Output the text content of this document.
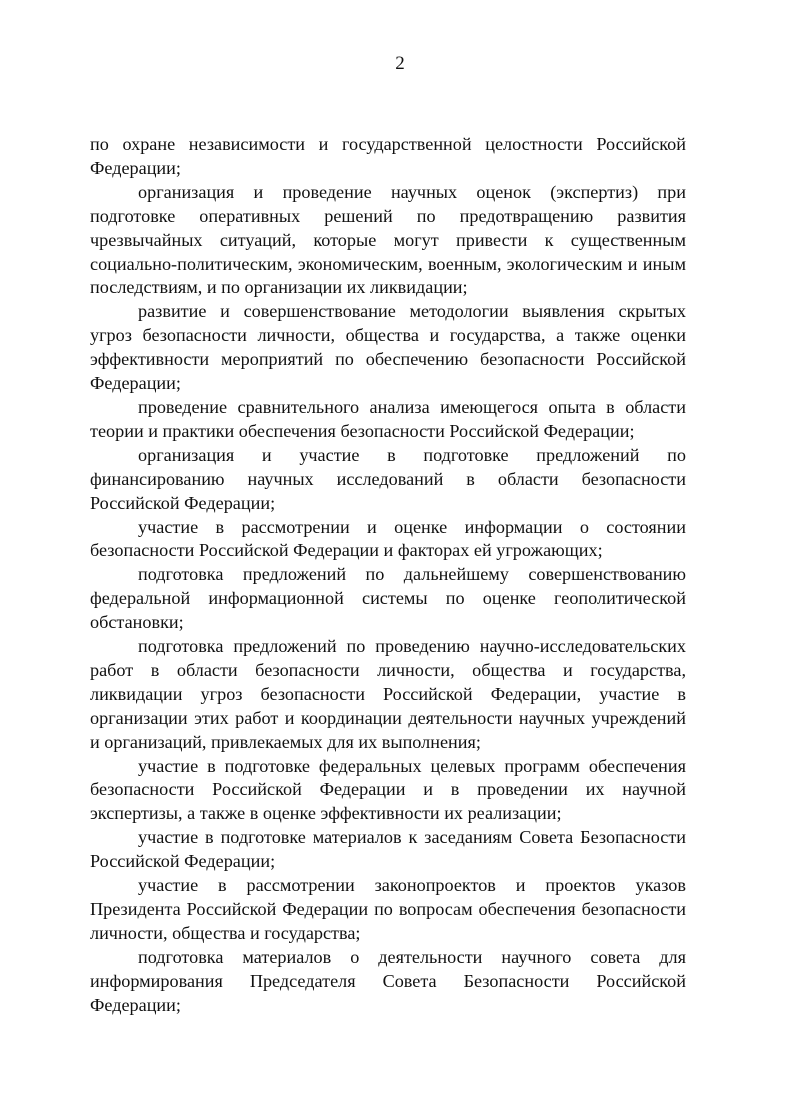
2

по охране независимости и государственной целостности Российской Федерации;

организация и проведение научных оценок (экспертиз) при подготовке оперативных решений по предотвращению развития чрезвычайных ситуаций, которые могут привести к существенным социально-политическим, экономическим, военным, экологическим и иным последствиям, и по организации их ликвидации;

развитие и совершенствование методологии выявления скрытых угроз безопасности личности, общества и государства, а также оценки эффективности мероприятий по обеспечению безопасности Российской Федерации;

проведение сравнительного анализа имеющегося опыта в области теории и практики обеспечения безопасности Российской Федерации;

организация и участие в подготовке предложений по финансированию научных исследований в области безопасности Российской Федерации;

участие в рассмотрении и оценке информации о состоянии безопасности Российской Федерации и факторах ей угрожающих;

подготовка предложений по дальнейшему совершенствованию федеральной информационной системы по оценке геополитической обстановки;

подготовка предложений по проведению научно-исследовательских работ в области безопасности личности, общества и государства, ликвидации угроз безопасности Российской Федерации, участие в организации этих работ и координации деятельности научных учреждений и организаций, привлекаемых для их выполнения;

участие в подготовке федеральных целевых программ обеспечения безопасности Российской Федерации и в проведении их научной экспертизы, а также в оценке эффективности их реализации;

участие в подготовке материалов к заседаниям Совета Безопасности Российской Федерации;

участие в рассмотрении законопроектов и проектов указов Президента Российской Федерации по вопросам обеспечения безопасности личности, общества и государства;

подготовка материалов о деятельности научного совета для информирования Председателя Совета Безопасности Российской Федерации;
